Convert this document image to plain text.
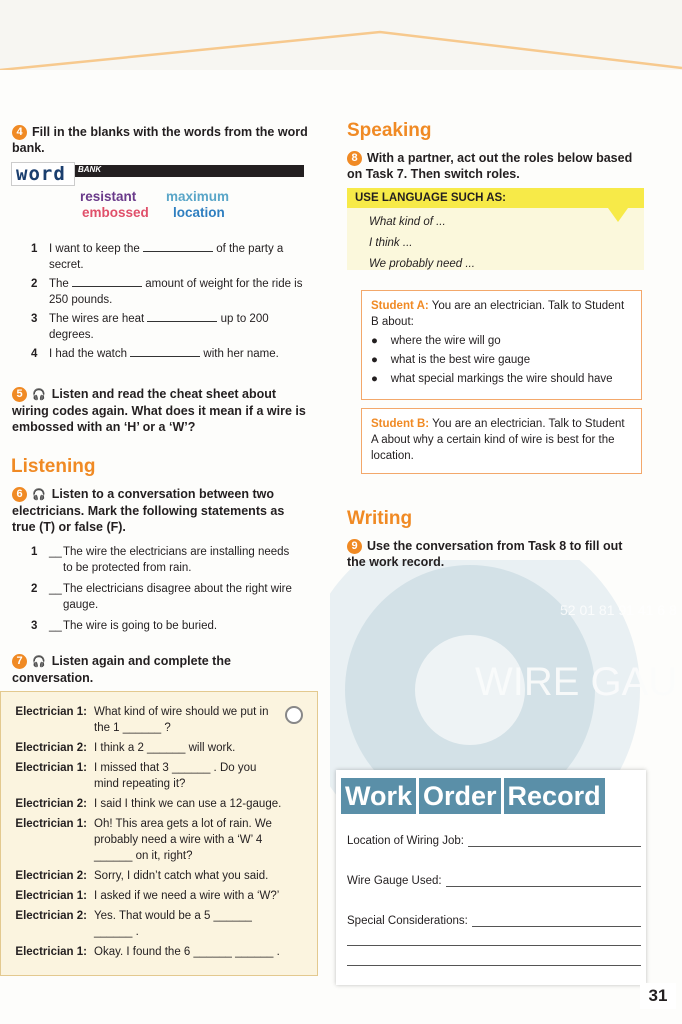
WIRE GAU
52 01 81 91 41 6 8
4 Fill in the blanks with the words from the word bank.
word BANK
resistant maximum
embossed location
1	I want to keep the	of the party a secret.
2	The	amount of weight for the ride is 250 pounds.
3	The wires are heat	up to 200 degrees.
4	I had the watch	with her name.
5 🎧 Listen and read the cheat sheet about wiring codes again. What does it mean if a wire is embossed with an ‘H’ or a ‘W’?
Listening
6 🎧 Listen to a conversation between two electricians. Mark the following statements as true (T) or false (F).
1	__ The wire the electricians are installing needs to be protected from rain.
2	__ The electricians disagree about the right wire gauge.
3	__ The wire is going to be buried.
7 🎧 Listen again and complete the conversation.
Electrician 1: What kind of wire should we put in the 1 ______ ?
Electrician 2: I think a 2 ______ will work.
Electrician 1: I missed that 3 ______ . Do you mind repeating it?
Electrician 2: I said I think we can use a 12-gauge.
Electrician 1: Oh! This area gets a lot of rain. We probably need a wire with a ‘W’ 4 ______ on it, right?
Electrician 2: Sorry, I didn’t catch what you said.
Electrician 1: I asked if we need a wire with a ‘W?’
Electrician 2: Yes. That would be a 5 ______ ______ .
Electrician 1: Okay. I found the 6 ______ ______ .
Speaking
8 With a partner, act out the roles below based on Task 7. Then switch roles.
USE LANGUAGE SUCH AS:
What kind of ...
I think ...
We probably need ...
Student A: You are an electrician. Talk to Student B about:
●    where the wire will go
●    what is the best wire gauge
●    what special markings the wire should have
Student B: You are an electrician. Talk to Student A about why a certain kind of wire is best for the location.
Writing
9 Use the conversation from Task 8 to fill out the work record.
Work Order Record
Location of Wiring Job:
Wire Gauge Used:
Special Considerations:
31
